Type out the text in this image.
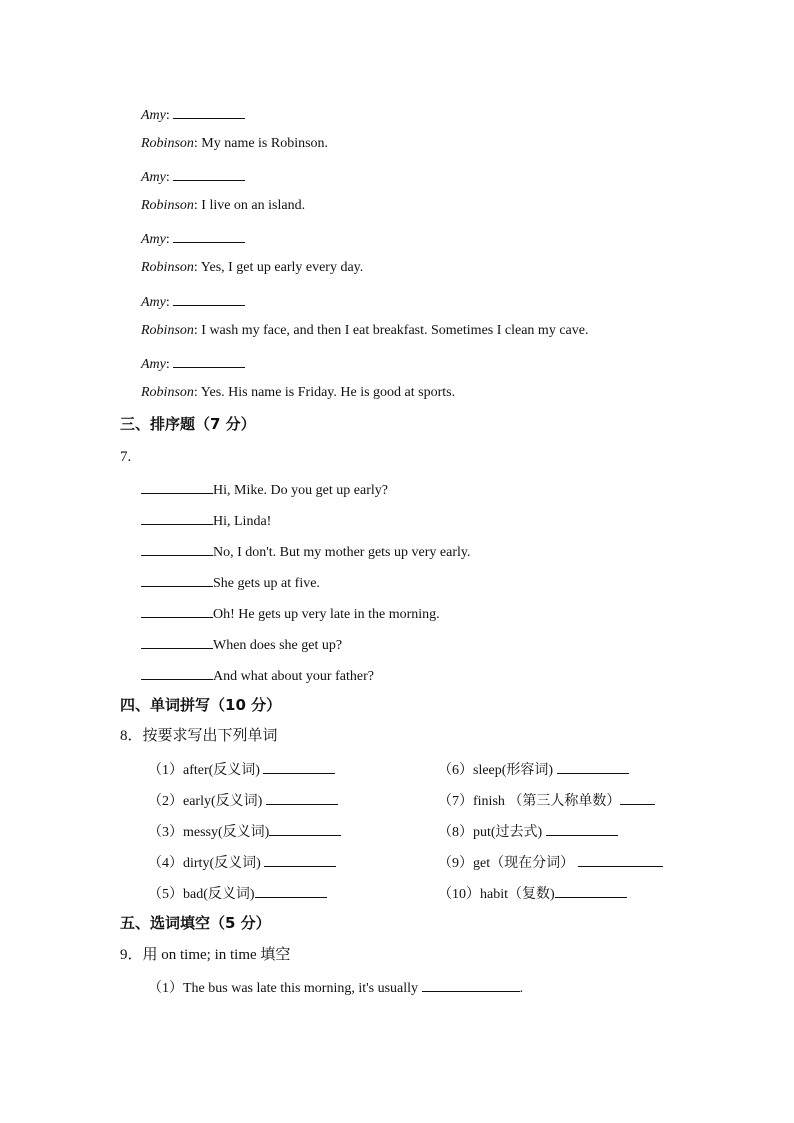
Amy:
Robinson: My name is Robinson.
Amy:
Robinson: I live on an island.
Amy:
Robinson: Yes, I get up early every day.
Amy:
Robinson: I wash my face, and then I eat breakfast. Sometimes I clean my cave.
Amy:
Robinson: Yes. His name is Friday. He is good at sports.
三、排序题（7 分）
7.
Hi, Mike. Do you get up early?
Hi, Linda!
No, I don't. But my mother gets up very early.
She gets up at five.
Oh! He gets up very late in the morning.
When does she get up?
And what about your father?
四、单词拼写（10 分）
8．按要求写出下列单词
（1）after(反义词)
（2）early(反义词)
（3）messy(反义词)
（4）dirty(反义词)
（5）bad(反义词)
（6）sleep(形容词)
（7）finish （第三人称单数）
（8）put(过去式)
（9）get（现在分词）
（10）habit（复数)
五、选词填空（5 分）
9．用 on time; in time 填空
（1）The bus was late this morning, it's usually	.
